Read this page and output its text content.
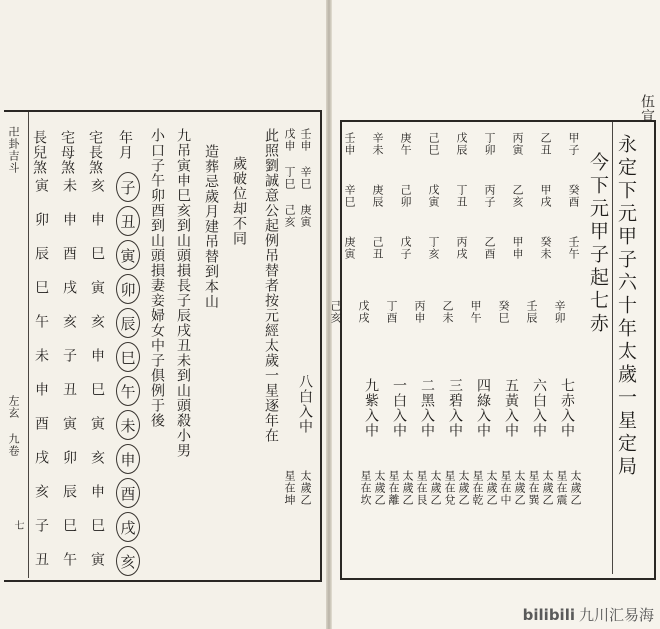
卍卦吉斗
左玄 九卷
七
年月
宅長煞
宅母煞
長兒煞
子
丑
寅
卯
辰
巳
午
未
申
酉
戌
亥
亥
申
巳
寅
亥
申
巳
寅
亥
申
巳
寅
未
申
酉
戌
亥
子
丑
寅
卯
辰
巳
午
寅
卯
辰
巳
午
未
申
酉
戌
亥
子
丑
九吊寅申巳亥到山頭損長子辰戌丑未到山頭殺小男
小口子午卯酉到山頭損妻妾婦女中子俱例于後	造葬忌歲月建吊替到本山 歲破位却不同 此照劉誠意公起例吊替者按元經太歲一星逐年在 壬申 辛巳 庚寅
戊申 丁巳 己亥
八白入中
太歲乙
星在坤
伍宣
永定下元甲子六十年太歲一星定局
今下元甲子起七赤
甲子
癸酉
壬午
辛卯
七赤入中
太歲乙
星在震
乙丑
甲戌
癸未
壬辰
六白入中
太歲乙
星在巽
丙寅
乙亥
甲申
癸巳
五黃入中
太歲乙
星在中
丁卯
丙子
乙酉
甲午
四綠入中
太歲乙
星在乾
戊辰
丁丑
丙戌
乙未
三碧入中
太歲乙
星在兌
己巳
戊寅
丁亥
丙申
二黑入中
太歲乙
星在艮
庚午
己卯
戊子
丁酉
一白入中
太歲乙
星在離
辛未
庚辰
己丑
戊戌
九紫入中
太歲乙
星在坎
壬申
辛巳
庚寅
己亥
bilibili 九川汇易海
